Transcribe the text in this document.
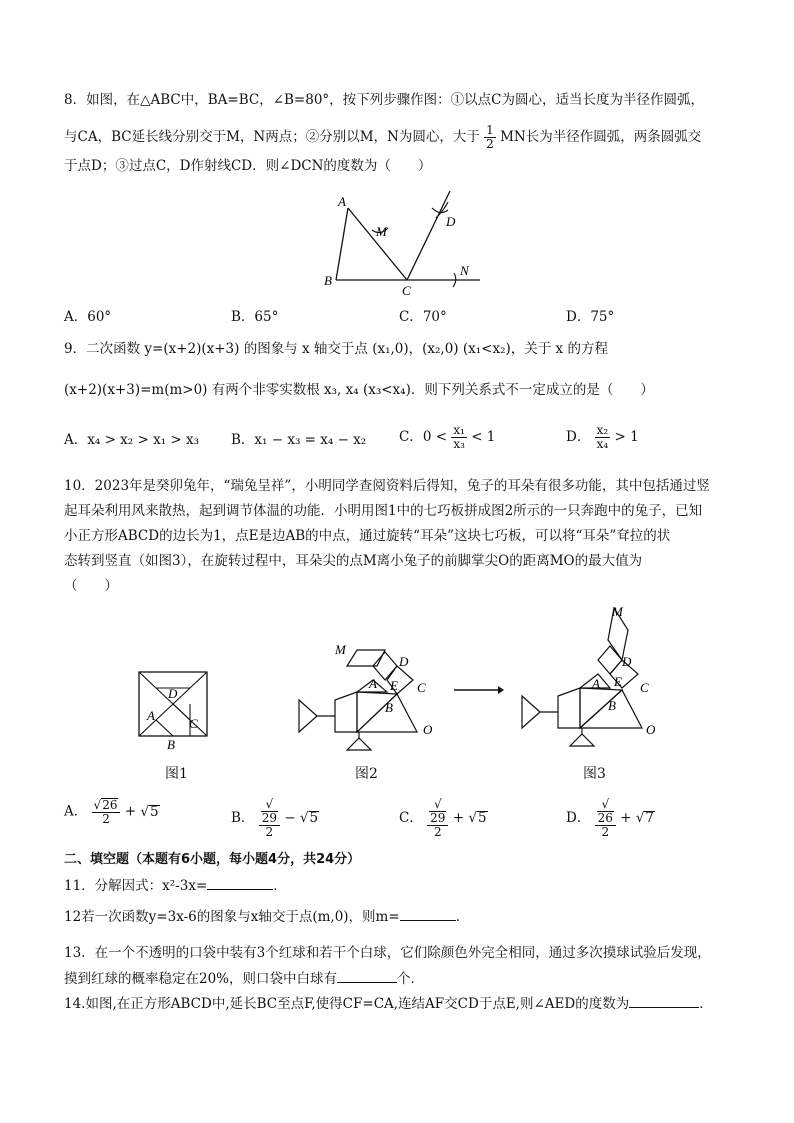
8．如图，在△ABC中，BA=BC，∠B=80°，按下列步骤作图：①以点C为圆心，适当长度为半径作圆弧，
与CA，BC延长线分别交于M，N两点；②分别以M，N为圆心，大于 $\frac{1}{2}$ MN长为半径作圆弧，两条圆弧交
于点D；③过点C，D作射线CD．则∠DCN的度数为（　　）
A
B
C
M
N
D
A．60°	B．65°	C．70°	D．75°
9．二次函数 y=(x+2)(x+3) 的图象与 x 轴交于点 (x₁,0)，(x₂,0) (x₁<x₂)，关于 x 的方程
(x+2)(x+3)=m(m>0) 有两个非零实数根 x₃, x₄ (x₃<x₄)．则下列关系式不一定成立的是（　　）
A．x₄ > x₂ > x₁ > x₃ B．x₁ − x₃ = x₄ − x₂ C．$0 < \frac{\text{x₁}}{\text{x₃}} < 1$	D． $\frac{\text{x₂}}{\text{x₄}} > 1$
10．2023年是癸卯兔年，“瑞兔呈祥”，小明同学查阅资料后得知，兔子的耳朵有很多功能，其中包括通过竖
起耳朵利用风来散热，起到调节体温的功能．小明用图1中的七巧板拼成图2所示的一只奔跑中的兔子，已知
小正方形ABCD的边长为1，点E是边AB的中点，通过旋转“耳朵”这块七巧板，可以将“耳朵”耷拉的状
态转到竖直（如图3），在旋转过程中，耳朵尖的点M离小兔子的前脚掌尖O的距离MO的最大值为
（　　）
D
A
C
B
M
D
A E C
B
O
M
D
A E C
B
O
图1	图2	图3
A． $\frac{√26}{2} + √5$	B． √
29
2 − √5	C． √
29
2 + √5	D． √
26
2 + √7
二、填空题（本题有6小题，每小题4分，共24分）
11．分解因式：x²-3x=	．
12若一次函数y=3x-6的图象与x轴交于点(m,0)，则m=	．
13．在一个不透明的口袋中装有3个红球和若干个白球，它们除颜色外完全相同，通过多次摸球试验后发现，
摸到红球的概率稳定在20%，则口袋中白球有	个．
14.如图,在正方形ABCD中,延长BC至点F,使得CF=CA,连结AF交CD于点E,则∠AED的度数为	．
